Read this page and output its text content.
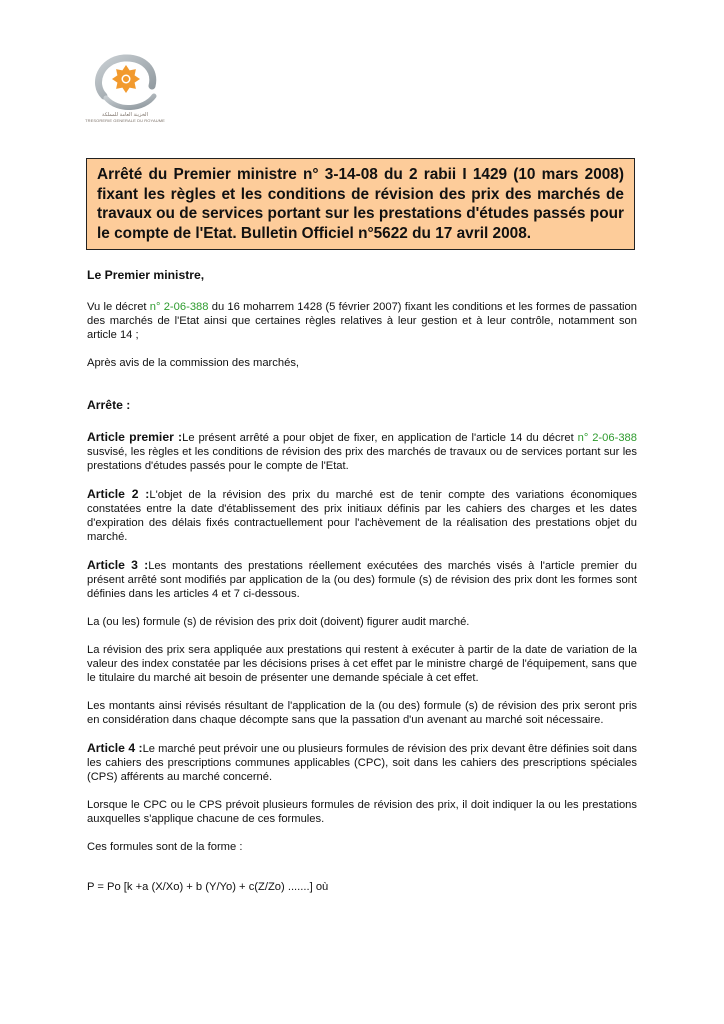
الخزينة العامة للمملكة
TRESORERIE GENERALE DU ROYAUME

Arrêté du Premier ministre n° 3-14-08 du 2 rabii I 1429 (10 mars 2008) fixant les règles et les conditions de révision des prix des marchés de travaux ou de services portant sur les prestations d'études passés pour le compte de l'Etat. Bulletin Officiel n°5622 du 17 avril 2008.

Le Premier ministre,

Vu le décret n° 2-06-388 du 16 moharrem 1428 (5 février 2007) fixant les conditions et les formes de passation des marchés de l'Etat ainsi que certaines règles relatives à leur gestion et à leur contrôle, notamment son article 14 ;

Après avis de la commission des marchés,

Arrête :

Article premier :Le présent arrêté a pour objet de fixer, en application de l'article 14 du décret n° 2-06-388 susvisé, les règles et les conditions de révision des prix des marchés de travaux ou de services portant sur les prestations d'études passés pour le compte de l'Etat.

Article 2 :L'objet de la révision des prix du marché est de tenir compte des variations économiques constatées entre la date d'établissement des prix initiaux définis par les cahiers des charges et les dates d'expiration des délais fixés contractuellement pour l'achèvement de la réalisation des prestations objet du marché.

Article 3 :Les montants des prestations réellement exécutées des marchés visés à l'article premier du présent arrêté sont modifiés par application de la (ou des) formule (s) de révision des prix dont les formes sont définies dans les articles 4 et 7 ci-dessous.

La (ou les) formule (s) de révision des prix doit (doivent) figurer audit marché.

La révision des prix sera appliquée aux prestations qui restent à exécuter à partir de la date de variation de la valeur des index constatée par les décisions prises à cet effet par le ministre chargé de l'équipement, sans que le titulaire du marché ait besoin de présenter une demande spéciale à cet effet.

Les montants ainsi révisés résultant de l'application de la (ou des) formule (s) de révision des prix seront pris en considération dans chaque décompte sans que la passation d'un avenant au marché soit nécessaire.

Article 4 :Le marché peut prévoir une ou plusieurs formules de révision des prix devant être définies soit dans les cahiers des prescriptions communes applicables (CPC), soit dans les cahiers des prescriptions spéciales (CPS) afférents au marché concerné.

Lorsque le CPC ou le CPS prévoit plusieurs formules de révision des prix, il doit indiquer la ou les prestations auxquelles s'applique chacune de ces formules.

Ces formules sont de la forme :

P = Po [k +a (X/Xo) + b (Y/Yo) + c(Z/Zo) .......] où
